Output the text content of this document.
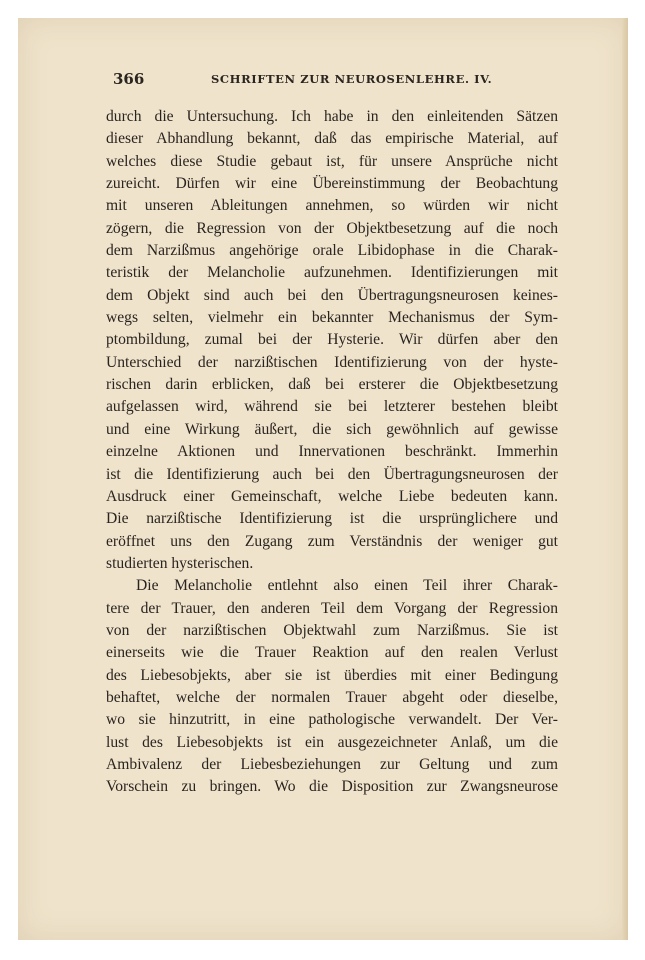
366	SCHRIFTEN ZUR NEUROSENLEHRE. IV.
durch die Untersuchung. Ich habe in den einleitenden Sätzen
dieser Abhandlung bekannt, daß das empirische Material, auf
welches diese Studie gebaut ist, für unsere Ansprüche nicht
zureicht. Dürfen wir eine Übereinstimmung der Beobachtung
mit unseren Ableitungen annehmen, so würden wir nicht
zögern, die Regression von der Objektbesetzung auf die noch
dem Narzißmus angehörige orale Libidophase in die Charak-
teristik der Melancholie aufzunehmen. Identifizierungen mit
dem Objekt sind auch bei den Übertragungsneurosen keines-
wegs selten, vielmehr ein bekannter Mechanismus der Sym-
ptombildung, zumal bei der Hysterie. Wir dürfen aber den
Unterschied der narzißtischen Identifizierung von der hyste-
rischen darin erblicken, daß bei ersterer die Objektbesetzung
aufgelassen wird, während sie bei letzterer bestehen bleibt
und eine Wirkung äußert, die sich gewöhnlich auf gewisse
einzelne Aktionen und Innervationen beschränkt. Immerhin
ist die Identifizierung auch bei den Übertragungsneurosen der
Ausdruck einer Gemeinschaft, welche Liebe bedeuten kann.
Die narzißtische Identifizierung ist die ursprünglichere und
eröffnet uns den Zugang zum Verständnis der weniger gut
studierten hysterischen.
Die Melancholie entlehnt also einen Teil ihrer Charak-
tere der Trauer, den anderen Teil dem Vorgang der Regression
von der narzißtischen Objektwahl zum Narzißmus. Sie ist
einerseits wie die Trauer Reaktion auf den realen Verlust
des Liebesobjekts, aber sie ist überdies mit einer Bedingung
behaftet, welche der normalen Trauer abgeht oder dieselbe,
wo sie hinzutritt, in eine pathologische verwandelt. Der Ver-
lust des Liebesobjekts ist ein ausgezeichneter Anlaß, um die
Ambivalenz der Liebesbeziehungen zur Geltung und zum
Vorschein zu bringen. Wo die Disposition zur Zwangsneurose
